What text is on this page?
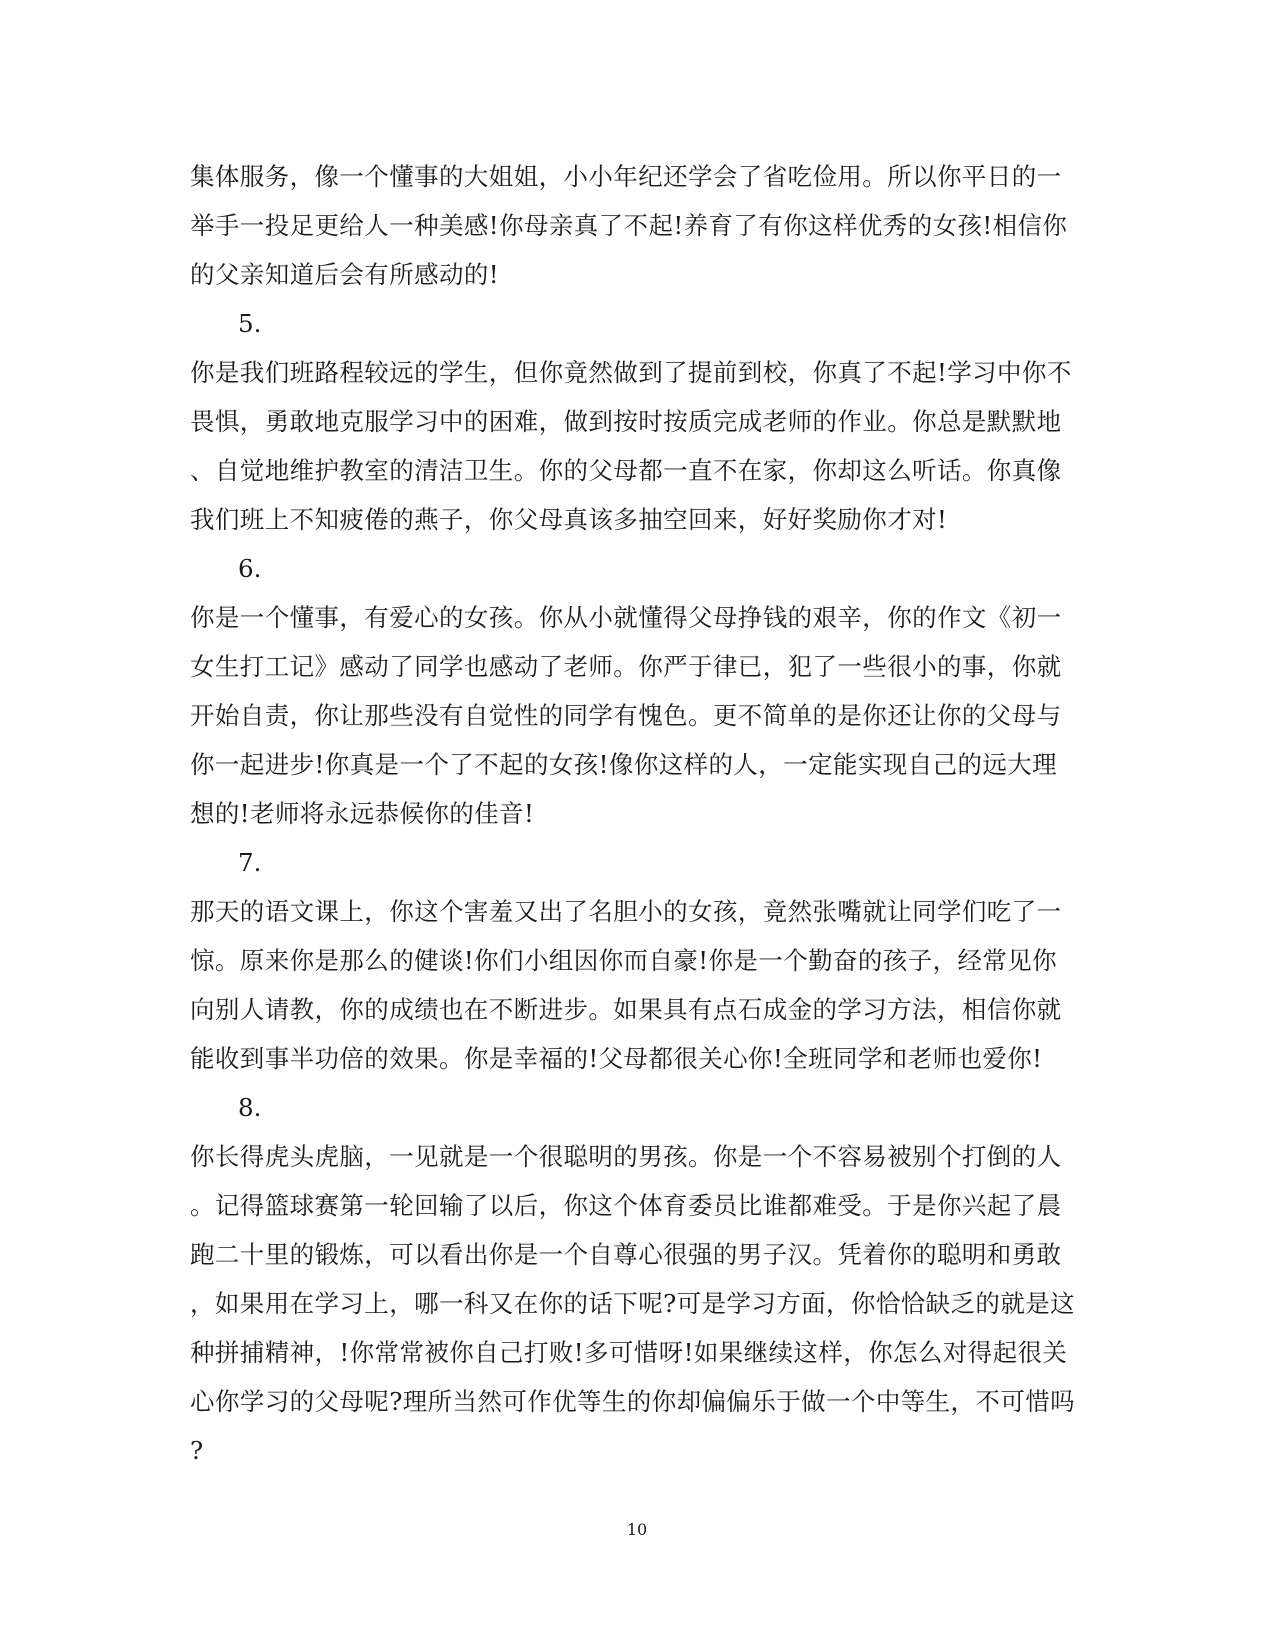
集体服务，像一个懂事的大姐姐，小小年纪还学会了省吃俭用。所以你平日的一
举手一投足更给人一种美感!你母亲真了不起!养育了有你这样优秀的女孩!相信你
的父亲知道后会有所感动的!
5.
你是我们班路程较远的学生，但你竟然做到了提前到校，你真了不起!学习中你不
畏惧，勇敢地克服学习中的困难，做到按时按质完成老师的作业。你总是默默地
、自觉地维护教室的清洁卫生。你的父母都一直不在家，你却这么听话。你真像
我们班上不知疲倦的燕子，你父母真该多抽空回来，好好奖励你才对!
6.
你是一个懂事，有爱心的女孩。你从小就懂得父母挣钱的艰辛，你的作文《初一
女生打工记》感动了同学也感动了老师。你严于律已，犯了一些很小的事，你就
开始自责，你让那些没有自觉性的同学有愧色。更不简单的是你还让你的父母与
你一起进步!你真是一个了不起的女孩!像你这样的人，一定能实现自己的远大理
想的!老师将永远恭候你的佳音!
7.
那天的语文课上，你这个害羞又出了名胆小的女孩，竟然张嘴就让同学们吃了一
惊。原来你是那么的健谈!你们小组因你而自豪!你是一个勤奋的孩子，经常见你
向别人请教，你的成绩也在不断进步。如果具有点石成金的学习方法，相信你就
能收到事半功倍的效果。你是幸福的!父母都很关心你!全班同学和老师也爱你!
8.
你长得虎头虎脑，一见就是一个很聪明的男孩。你是一个不容易被别个打倒的人
。记得篮球赛第一轮回输了以后，你这个体育委员比谁都难受。于是你兴起了晨
跑二十里的锻炼，可以看出你是一个自尊心很强的男子汉。凭着你的聪明和勇敢
，如果用在学习上，哪一科又在你的话下呢?可是学习方面，你恰恰缺乏的就是这
种拼捕精神，!你常常被你自己打败!多可惜呀!如果继续这样，你怎么对得起很关
心你学习的父母呢?理所当然可作优等生的你却偏偏乐于做一个中等生，不可惜吗
?
10
